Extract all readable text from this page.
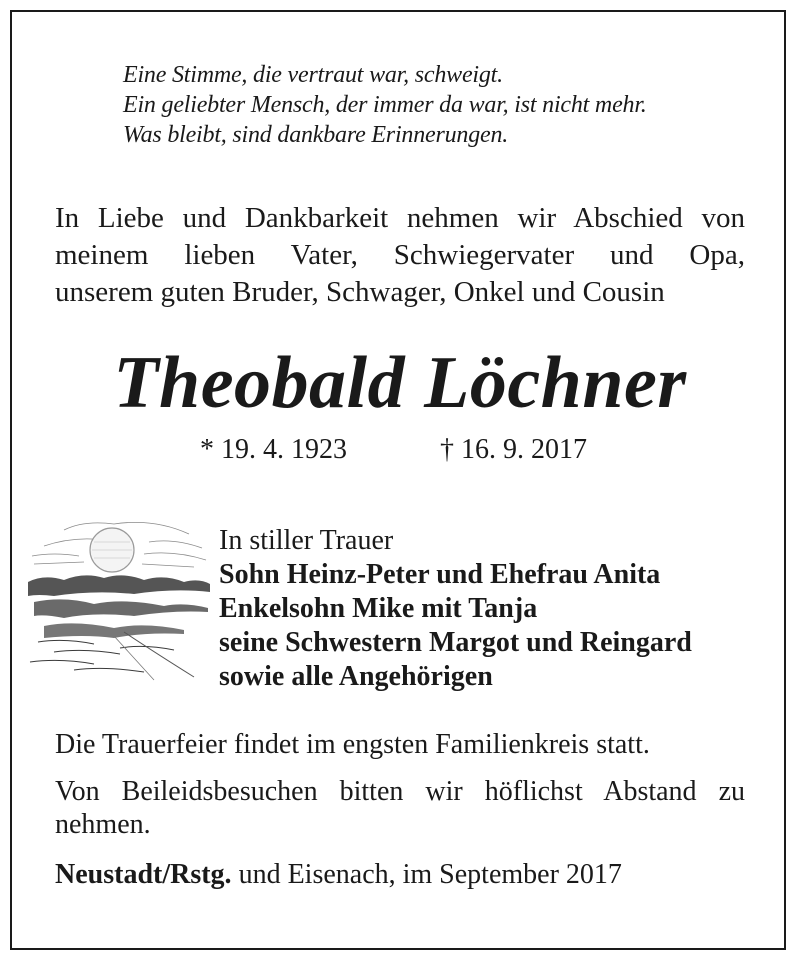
Eine Stimme, die vertraut war, schweigt.
Ein geliebter Mensch, der immer da war, ist nicht mehr.
Was bleibt, sind dankbare Erinnerungen.
In Liebe und Dankbarkeit nehmen wir Abschied von
meinem lieben Vater, Schwiegervater und Opa,
unserem guten Bruder, Schwager, Onkel und Cousin
Theobald Löchner
* 19. 4. 1923	† 16. 9. 2017
In stiller Trauer
Sohn Heinz-Peter und Ehefrau Anita
Enkelsohn Mike mit Tanja
seine Schwestern Margot und Reingard
sowie alle Angehörigen
Die Trauerfeier findet im engsten Familienkreis statt.
Von Beileidsbesuchen bitten wir höflichst Abstand zu
nehmen.
Neustadt/Rstg. und Eisenach, im September 2017
